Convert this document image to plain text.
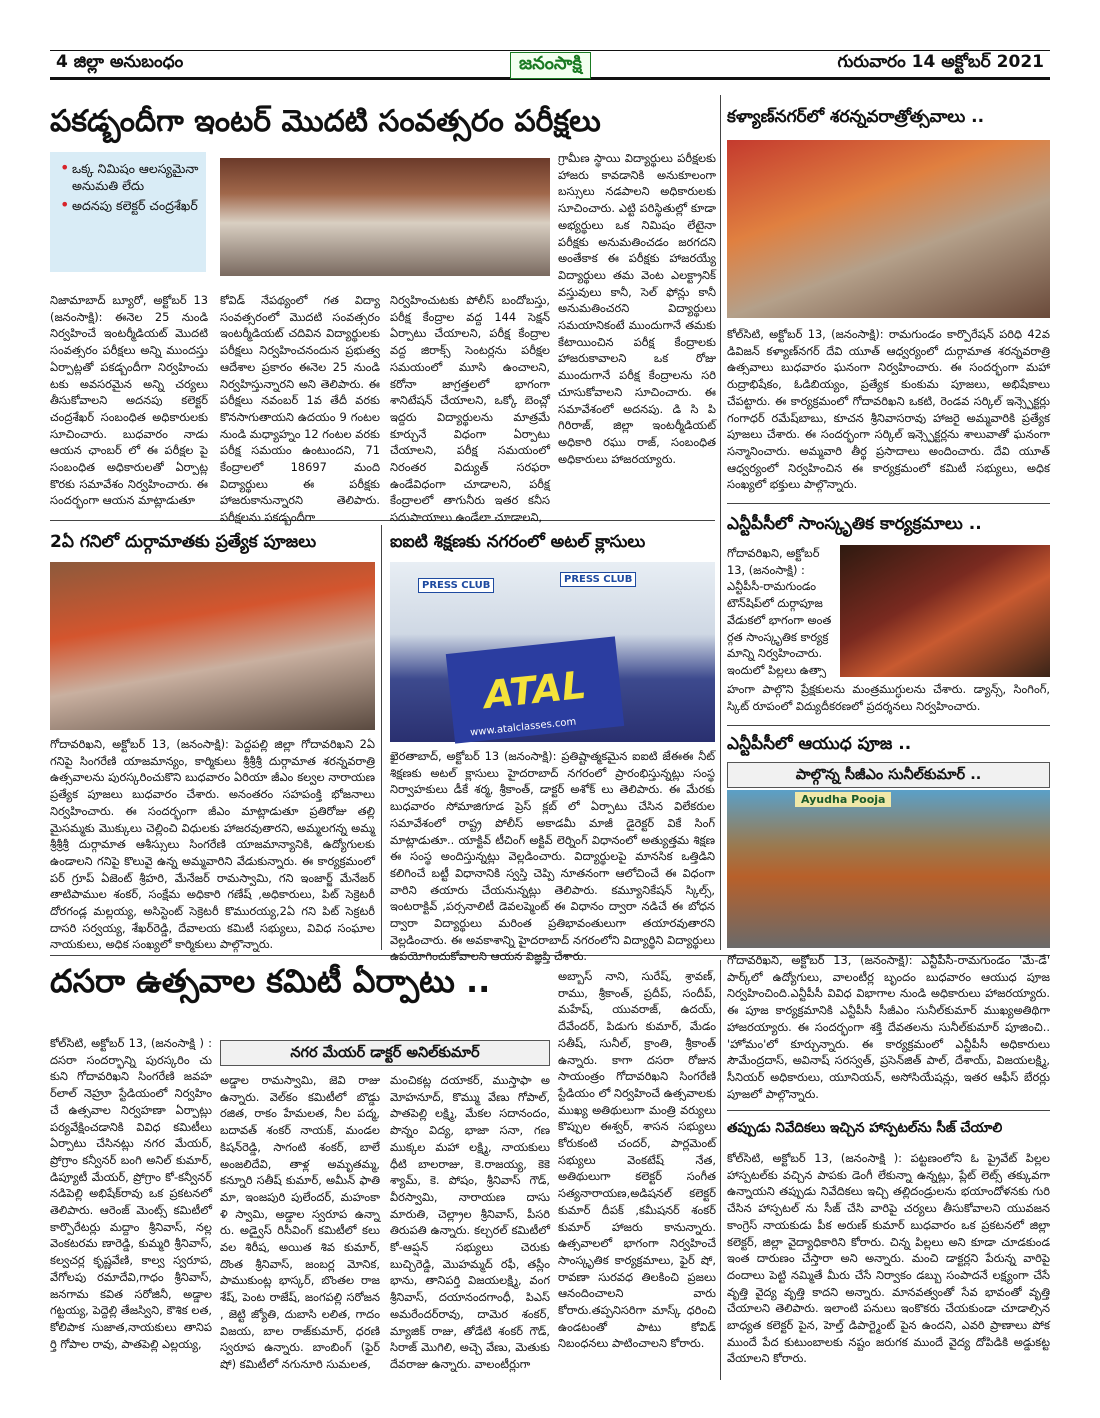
4 జిల్లా అనుబంధం	జనంసాక్షి	గురువారం 14 అక్టోబర్ 2021
పకడ్బందీగా ఇంటర్ మొదటి సంవత్సరం పరీక్షలు
• ఒక్క నిమిషం ఆలస్యమైనా అనుమతి లేదు
• అదనపు కలెక్టర్ చంద్రశేఖర్
నిజామాబాద్ బ్యూరో, అక్టోబర్ 13 (జనంసాక్షి): ఈనెల 25 నుండి నిర్వహించే ఇంటర్మీడియట్ మొదటి సంవత్సరం పరీక్షలు అన్ని ముందస్తు ఏర్పాట్లతో పకడ్బందీగా నిర్వహించు టకు అవసరమైన అన్ని చర్యలు తీసుకోవాలని అదనపు కలెక్టర్ చంద్రశేఖర్ సంబంధిత అధికారులకు సూచించారు. బుధవారం నాడు ఆయన ఛాంబర్ లో ఈ పరీక్షల పై సంబంధిత అధికారులతో ఏర్పాట్ల కొరకు సమావేశం నిర్వహించారు. ఈ సందర్భంగా ఆయన మాట్లాడుతూ
కోవిడ్ నేపథ్యంలో గత విద్యా సంవత్సరంలో మొదటి సంవత్సరం ఇంటర్మీడియట్ చదివిన విద్యార్థులకు పరీక్షలు నిర్వహించనందున ప్రభుత్వ ఆదేశాల ప్రకారం ఈనెల 25 నుండి నిర్వహిస్తున్నారని అని తెలిపారు. ఈ పరీక్షలు నవంబర్ 1వ తేదీ వరకు కొనసాగుతాయని ఉదయం 9 గంటల నుండి మధ్యాహ్నం 12 గంటల వరకు పరీక్ష సమయం ఉంటుందని, 71 కేంద్రాలలో 18697 మంది విద్యార్థులు ఈ పరీక్షకు హాజరుకానున్నారని తెలిపారు. పరీక్షలను పకడ్బందీగా
నిర్వహించుటకు పోలీస్ బందోబస్తు, పరీక్ష కేంద్రాల వద్ద 144 సెక్షన్ ఏర్పాటు చేయాలని, పరీక్ష కేంద్రాల వద్ద జిరాక్స్ సెంటర్లను పరీక్షల సమయంలో మూసి ఉంచాలని, కరోనా జాగ్రత్తలలో భాగంగా శానిటేషన్ చేయాలని, ఒక్కో బెంచ్లో ఇద్దరు విద్యార్థులను మాత్రమే కూర్చునే విధంగా ఏర్పాటు చేయాలని, పరీక్ష సమయంలో నిరంతర విద్యుత్ సరఫరా ఉండేవిధంగా చూడాలని, పరీక్ష కేంద్రాలలో తాగునీరు ఇతర కనీస సదుపాయాలు ఉండేలా చూడాలని,
గ్రామీణ స్థాయి విద్యార్థులు పరీక్షలకు హాజరు కావడానికి అనుకూలంగా బస్సులు నడపాలని అధికారులకు సూచించారు. ఎట్టి పరిస్థితుల్లో కూడా అభ్యర్థులు ఒక నిమిషం లేటైనా పరీక్షకు అనుమతించడం జరగదని అంతేకాక ఈ పరీక్షకు హాజరయ్యే విద్యార్థులు తమ వెంట ఎలక్ట్రానిక్ వస్తువులు కానీ, సెల్ ఫోన్లు కానీ అనుమతించరని విద్యార్థులు సమయానికంటే ముందుగానే తమకు కేటాయించిన పరీక్ష కేంద్రాలకు హాజరుకావాలని ఒక రోజు ముందుగానే పరీక్ష కేంద్రాలను సరి చూసుకోవాలని సూచించారు. ఈ సమావేశంలో అదనపు. డి సి పి గిరిరాజ్, జిల్లా ఇంటర్మీడియట్ అధికారి రఘు రాజ్, సంబంధిత అధికారులు హాజరయ్యారు.
కళ్యాణ్‌నగర్‌లో శరన్నవరాత్రోత్సవాలు ..
కోల్‌సిటి, అక్టోబర్ 13, (జనంసాక్షి): రామగుండం కార్పొరేషన్ పరిధి 42వ డివిజన్ కళ్యాణ్‌నగర్ దేవి యూత్ ఆధ్వర్యంలో దుర్గామాత శరన్నవరాత్రి ఉత్సవాలు బుధవారం ఘనంగా నిర్వహించారు. ఈ సందర్భంగా మహా రుద్రాభిషేకం, ఓడిబియ్యం, ప్రత్యేక కుంకుమ పూజలు, అభిషేకాలు చేపట్టారు. ఈ కార్యక్రమంలో గోదావరిఖని ఒకటి, రెండవ సర్కిల్ ఇన్స్పెక్టర్లు గంగాధర్ రమేష్‌బాబు, కూచన శ్రీనివాసరావు హాజరై అమ్మవారికి ప్రత్యేక పూజలు చేశారు. ఈ సందర్భంగా సర్కిల్ ఇన్స్పెక్టర్లను శాలువాతో ఘనంగా సన్మానించారు. అమ్మవారి తీర్థ ప్రసాదాలు అందించారు. దేవి యూత్ ఆధ్వర్యంలో నిర్వహించిన ఈ కార్యక్రమంలో కమిటీ సభ్యులు, అధిక సంఖ్యలో భక్తులు పాల్గొన్నారు.
2ఏ గనిలో దుర్గామాతకు ప్రత్యేక పూజలు
గోదావరిఖని, అక్టోబర్ 13, (జనంసాక్షి): పెద్దపల్లి జిల్లా గోదావరిఖని 2ఏ గనిపై సింగరేణి యాజమాన్యం, కార్మికులు శ్రీశ్రీశ్రీ దుర్గామాత శరన్నవరాత్రి ఉత్సవాలను పురస్కరించుకొని బుధవారం ఏరియా జీఎం కల్వల నారాయణ ప్రత్యేక పూజలు బుధవారం చేశారు. అనంతరం సహపంక్తి భోజనాలు నిర్వహించారు. ఈ సందర్భంగా జీఎం మాట్లాడుతూ ప్రతిరోజు తల్లి మైసమ్మకు మొక్కులు చెల్లించి విధులకు హాజరవుతారని, అమ్మలగన్న అమ్మ శ్రీశ్రీశ్రీ దుర్గామాత ఆశీస్సులు సింగరేణి యాజమాన్యానికి, ఉద్యోగులకు ఉండాలని గనిపై కొలువై ఉన్న అమ్మవారిని వేడుకున్నారు. ఈ కార్యక్రమంలో పర్ గ్రూప్ ఏజెంట్ శ్రీహరి, మేనేజర్ రామస్వామి, గని ఇంజార్జ్ మేనేజర్ తాటిపాముల శంకర్, సంక్షేమ అధికారి గణేష్ ,అధికారులు, పిట్ సెక్రెటరీ దోరగండ్ల మల్లయ్య, అసిస్టెంట్ సెక్రెటరీ కొమురయ్య,2ఏ గని పిట్ సెక్రటరీ దాసరి సర్వయ్య, శేఖర్‌రెడ్డి, దేవాలయ కమిటీ సభ్యులు, వివిధ సంఘాల నాయకులు, అధిక సంఖ్యలో కార్మికులు పాల్గొన్నారు.
ఐఐటి శిక్షణకు నగరంలో అటల్ క్లాసులు
PRESS CLUB
PRESS CLUB
ATAL
www.atalclasses.com
ఖైరతాబాద్, అక్టోబర్ 13 (జనంసాక్షి): ప్రతిష్టాత్మకమైన ఐఐటి జేఈఈ నీట్ శిక్షణకు అటల్ క్లాసులు హైదరాబాద్ నగరంలో ప్రారంభిస్తున్నట్లు సంస్థ నిర్వాహకులు డీకే శర్మ, శ్రీకాంత్, డాక్టర్ అశోక్ లు తెలిపారు. ఈ మేరకు బుధవారం సోమాజిగూడ ప్రెస్ క్లబ్ లో ఏర్పాటు చేసిన విలేకరుల సమావేశంలో రాష్ట్ర పోలీస్ అకాడమీ మాజీ డైరెక్టర్ వికే సింగ్ మాట్లాడుతూ.. యాక్టివ్ టీచింగ్ అక్టివ్ లెర్నింగ్ విధానంలో అత్యుత్తమ శిక్షణ ఈ సంస్థ అందిస్తున్నట్లు వెల్లడించారు. విద్యార్థులపై మానసిక ఒత్తిడిని కలిగించే బట్టీ విధానానికి స్వస్తి చెప్పి నూతనంగా ఆలోచించే ఈ విధంగా వారిని తయారు చేయనున్నట్లు తెలిపారు. కమ్యూనికేషన్ స్కిల్స్, ఇంటరాక్టివ్ ,పర్సనాలిటీ డెవలప్మెంట్ ఈ విధానం ద్వారా నడిచే ఈ బోధన ద్వారా విద్యార్థులు మరింత ప్రతిభావంతులుగా తయారవుతారని వెల్లడించారు. ఈ అవకాశాన్ని హైదరాబాద్ నగరంలోని విద్యార్థిని విద్యార్థులు ఉపయోగించుకోవాలని ఆయన విజ్ఞప్తి చేశారు.
ఎన్టీపీసీలో సాంస్కృతిక కార్యక్రమాలు ..
గోదావరిఖని, అక్టోబర్ 13, (జనంసాక్షి) : ఎన్టీపీసీ-రామగుండం టౌన్‌షిప్‌లో దుర్గాపూజ వేడుకలో భాగంగా అంత ర్గత సాంస్కృతిక కార్యక్ర మాన్ని నిర్వహించారు. ఇందులో పిల్లలు ఉత్సా
హంగా పాల్గొని ప్రేక్షకులను మంత్రముగ్ధులను చేశారు. డ్యాన్స్, సింగింగ్, స్కిట్ రూపంలో విద్యుదీకరణలో ప్రదర్శనలు నిర్వహించారు.
ఎన్టీపీసీలో ఆయుధ పూజ ..
పాల్గొన్న సీజీఎం సునీల్‌కుమార్ ..
Ayudha Pooja
గోదావరిఖని, అక్టోబర్ 13, (జనంసాక్షి): ఎన్టీపీసీ-రామగుండం 'మే-డే' పార్క్‌లో ఉద్యోగులు, వాలంటీర్ల బృందం బుధవారం ఆయుధ పూజ నిర్వహించింది.ఎన్టీపీసీ వివిధ విభాగాల నుండి అధికారులు హాజరయ్యారు. ఈ పూజ కార్యక్రమానికి ఎన్టీపీసీ సీజీఎం సునీల్‌కుమార్ ముఖ్యఅతిథిగా హాజరయ్యారు. ఈ సందర్భంగా శక్తి దేవతలను సునీల్‌కుమార్ పూజించి.. 'హోమం'లో కూర్చున్నారు. ఈ కార్యక్రమంలో ఎన్టీపీసీ అధికారులు సౌమేంద్రదాస్, అవినాష్ సరస్వత్, ప్రసెన్‌జిత్ పాల్, దేశాయ్, విజయలక్ష్మి, సీనియర్ అధికారులు, యూనియన్, అసోసియేషన్లు, ఇతర ఆఫీస్ బేరర్లు పూజలో పాల్గొన్నారు.
తప్పుడు నివేదికలు ఇచ్చిన హాస్పటల్‌ను సీజ్ చేయాలి
కోల్‌సిటి, అక్టోబర్ 13, (జనంసాక్షి ): పట్టణంలోని ఓ ప్రైవేట్ పిల్లల హాస్పటల్‌కు వచ్చిన పాపకు డెంగీ లేకున్నా ఉన్నట్లు, ప్లేట్ లెట్స్ తక్కువగా ఉన్నాయని తప్పుడు నివేదికలు ఇచ్చి తల్లిదండ్రులను భయాందోళనకు గురి చేసిన హాస్పటల్ ను సీజ్ చేసి వారిపై చర్యలు తీసుకోవాలని యువజన కాంగ్రెస్ నాయకుడు పీక అరుణ్ కుమార్ బుధవారం ఒక ప్రకటనలో జిల్లా కలెక్టర్, జిల్లా వైద్యాధికారిని కోరారు. చిన్న పిల్లలు అని కూడా చూడకుండ ఇంత దారుణం చేస్తారా అని అన్నారు. మంచి డాక్టర్లని పేరున్న వారిపై దందాలు పెట్టి నమ్మితే మీరు చేసే నిర్వాకం డబ్బు సంపాదనే లక్ష్యంగా చేసే వృత్తి వైద్య వృత్తి కాదని అన్నారు. మానవత్వంతో సేవ భావంతో వృత్తి చేయాలని తెలిపారు. ఇలాంటి పనులు ఇంకొకరు చేయకుండా చూడాల్సిన బాధ్యత కలెక్టర్ పైన, హెల్త్ డిపార్ట్మెంట్ పైన ఉందని, ఎవరి ప్రాణాలు పోక ముందే పేద కుటుంబాలకు నష్టం జరుగక ముందే వైద్య దోపిడికి అడ్డుకట్ట వేయాలని కోరారు.
దసరా ఉత్సవాల కమిటీ ఏర్పాటు ..
నగర మేయర్ డాక్టర్ అనిల్‌కుమార్
కోల్‌సిటి, అక్టోబర్ 13, (జనంసాక్షి ) : దసరా సందర్భాన్ని పురస్కరిం చు కుని గోదావరిఖని సింగరేణి జవహ ర్‌లాల్ నెహ్రూ స్టేడియంలో నిర్వహిం చే ఉత్సవాల నిర్వహణా ఏర్పాట్లు పర్యవేక్షించడానికి వివిధ కమిటీలు ఏర్పాటు చేసినట్లు నగర మేయర్, ప్రోగ్రాం కన్వీనర్ బంగి అనిల్ కుమార్, డిప్యూటీ మేయర్, ప్రోగ్రాం కో-కన్వీనర్ నడిపెల్లి అభిషేక్‌రావు ఒక ప్రకటనలో తెలిపారు. ఆరెంజ్ మెంట్స్ కమిటీలో కార్పొరేటర్లు మద్దాం శ్రీనివాస్, నల్ల వెంకటరమ ణారెడ్డి, కుమ్మరి శ్రీనివాస్, కల్వచర్ల కృష్ణవేణి, కాల్వ స్వరూప, వేగోలపు రమాదేవి,గాధం శ్రీనివాస్, జనగామ కవిత సరోజినీ, అడ్డాల గట్టయ్య, పెద్దెల్లి తేజస్విని, కౌశిక లత, కోలిపాక సుజాత,నాయకులు తానిప ర్తి గోపాల రావు, పాతపెల్లి ఎల్లయ్య,
అడ్డాల రామస్వామి, జెవి రాజు ఉన్నారు. వెల్‌కం కమిటీలో బొడ్డు రజిత, రాకం హేమలత, నీల పద్మ, బదావత్ శంకర్ నాయక్, మండల కిషన్‌రెడ్డి, సాగంటి శంకర్, బాలే అంజలిదేవి, తాళ్ల అమృతమ్మ, కన్నూరి సతీష్ కుమార్, అమీన్ ఫాతి మా, ఇంజపురి పులేందర్, మహంకా ళి స్వామి, అడ్డాల స్వరూప ఉన్నా రు. అడ్వైస్ రిసీవింగ్ కమిటీలో కలు వల శిరీష, అయిత శివ కుమార్, దొంత శ్రీనివాస్, జంబర్ల మోనిక, పాముకుంట్ల భాస్కర్, బొంతల రాజ శేష్, పెంట రాజేష్, జంగపల్లి సరోజన , జెట్టి జ్యోతి, దుబాసి లలిత, గాదం విజయ, బాల రాజ్‌కుమార్, ధరణి స్వరూప ఉన్నారు. బాంబింగ్ (ఫైర్ షో) కమిటీలో నగునూరి సుమలత,
మంచికట్ల దయాకర్, ముస్తాఫా అ మోహనూద్, కొమ్ము వేణు గోపాల్, పాతపెల్లి లక్ష్మి, మేకల సదానందం, పొన్నం విద్య, భాజా సనా, గణ ముక్కల మహా లక్ష్మి, నాయకులు ధీటి బాలరాజు, కె.రాజయ్య, కెకె శ్యామ్, కె. పోషం, శ్రీనివాస్ గౌడ్, వీరస్వామి, నారాయణ దాసు మారుతి, చెల్ల్రాల శ్రీనివాస్, పీసరి తిరుపతి ఉన్నారు. కల్చరల్ కమిటీలో కో-ఆప్షన్ సభ్యులు చెరుకు బుచ్చిరెడ్డి, మొహమ్మద్ రఫీ, తస్లీం భాను, తానిపర్తి విజయలక్ష్మి, వంగ శ్రీనివాస్, దయానందగాంధీ, పిఎస్ అమరేందర్‌రావు, దామెర శంకర్, మ్యాజిక్ రాజు, తోడేటి శంకర్ గౌడ్, సిరాజ్ మొగిలి, అచ్చె వేణు, మెతుకు దేవరాజు ఉన్నారు. వాలంటీర్లుగా
అబ్బాస్ నాని, సురేష్, శ్రావణ్, రాము, శ్రీకాంత్, ప్రదీప్, సందీప్, మహేష్, యువరాజ్, ఉదయ్, దేవేందర్, పిడుగు కుమార్, మేడం సతీష్, సునీల్, క్రాంతి, శ్రీకాంత్ ఉన్నారు. కాగా దసరా రోజున సాయంత్రం గోదావరిఖని సింగరేణి స్టేడియం లో నిర్వహించే ఉత్సవాలకు ముఖ్య అతిథులుగా మంత్రి వర్యులు కొప్పుల ఈశ్వర్, శాసన సభ్యులు కోరుకంటి చందర్, పార్లమెంట్ సభ్యులు వెంకటేష్ నేత, అతిథులుగా కలెక్టర్ సంగీత సత్యనారాయణ,అడిషనల్ కలెక్టర్ కుమార్ దీపక్ ,కమీషనర్ శంకర్ కుమార్ హాజరు కానున్నారు. ఉత్సవాలలో భాగంగా నిర్వహించే సాంస్కృతిక కార్యక్రమాలు, ఫైర్ షో, రావణా సురవధ తిలకించి ప్రజలు ఆనందించాలని వారు కోరారు.తప్పనిసరిగా మాస్క్ ధరించి ఉండటంతో పాటు కోవిడ్ నిబంధనలు పాటించాలని కోరారు.
